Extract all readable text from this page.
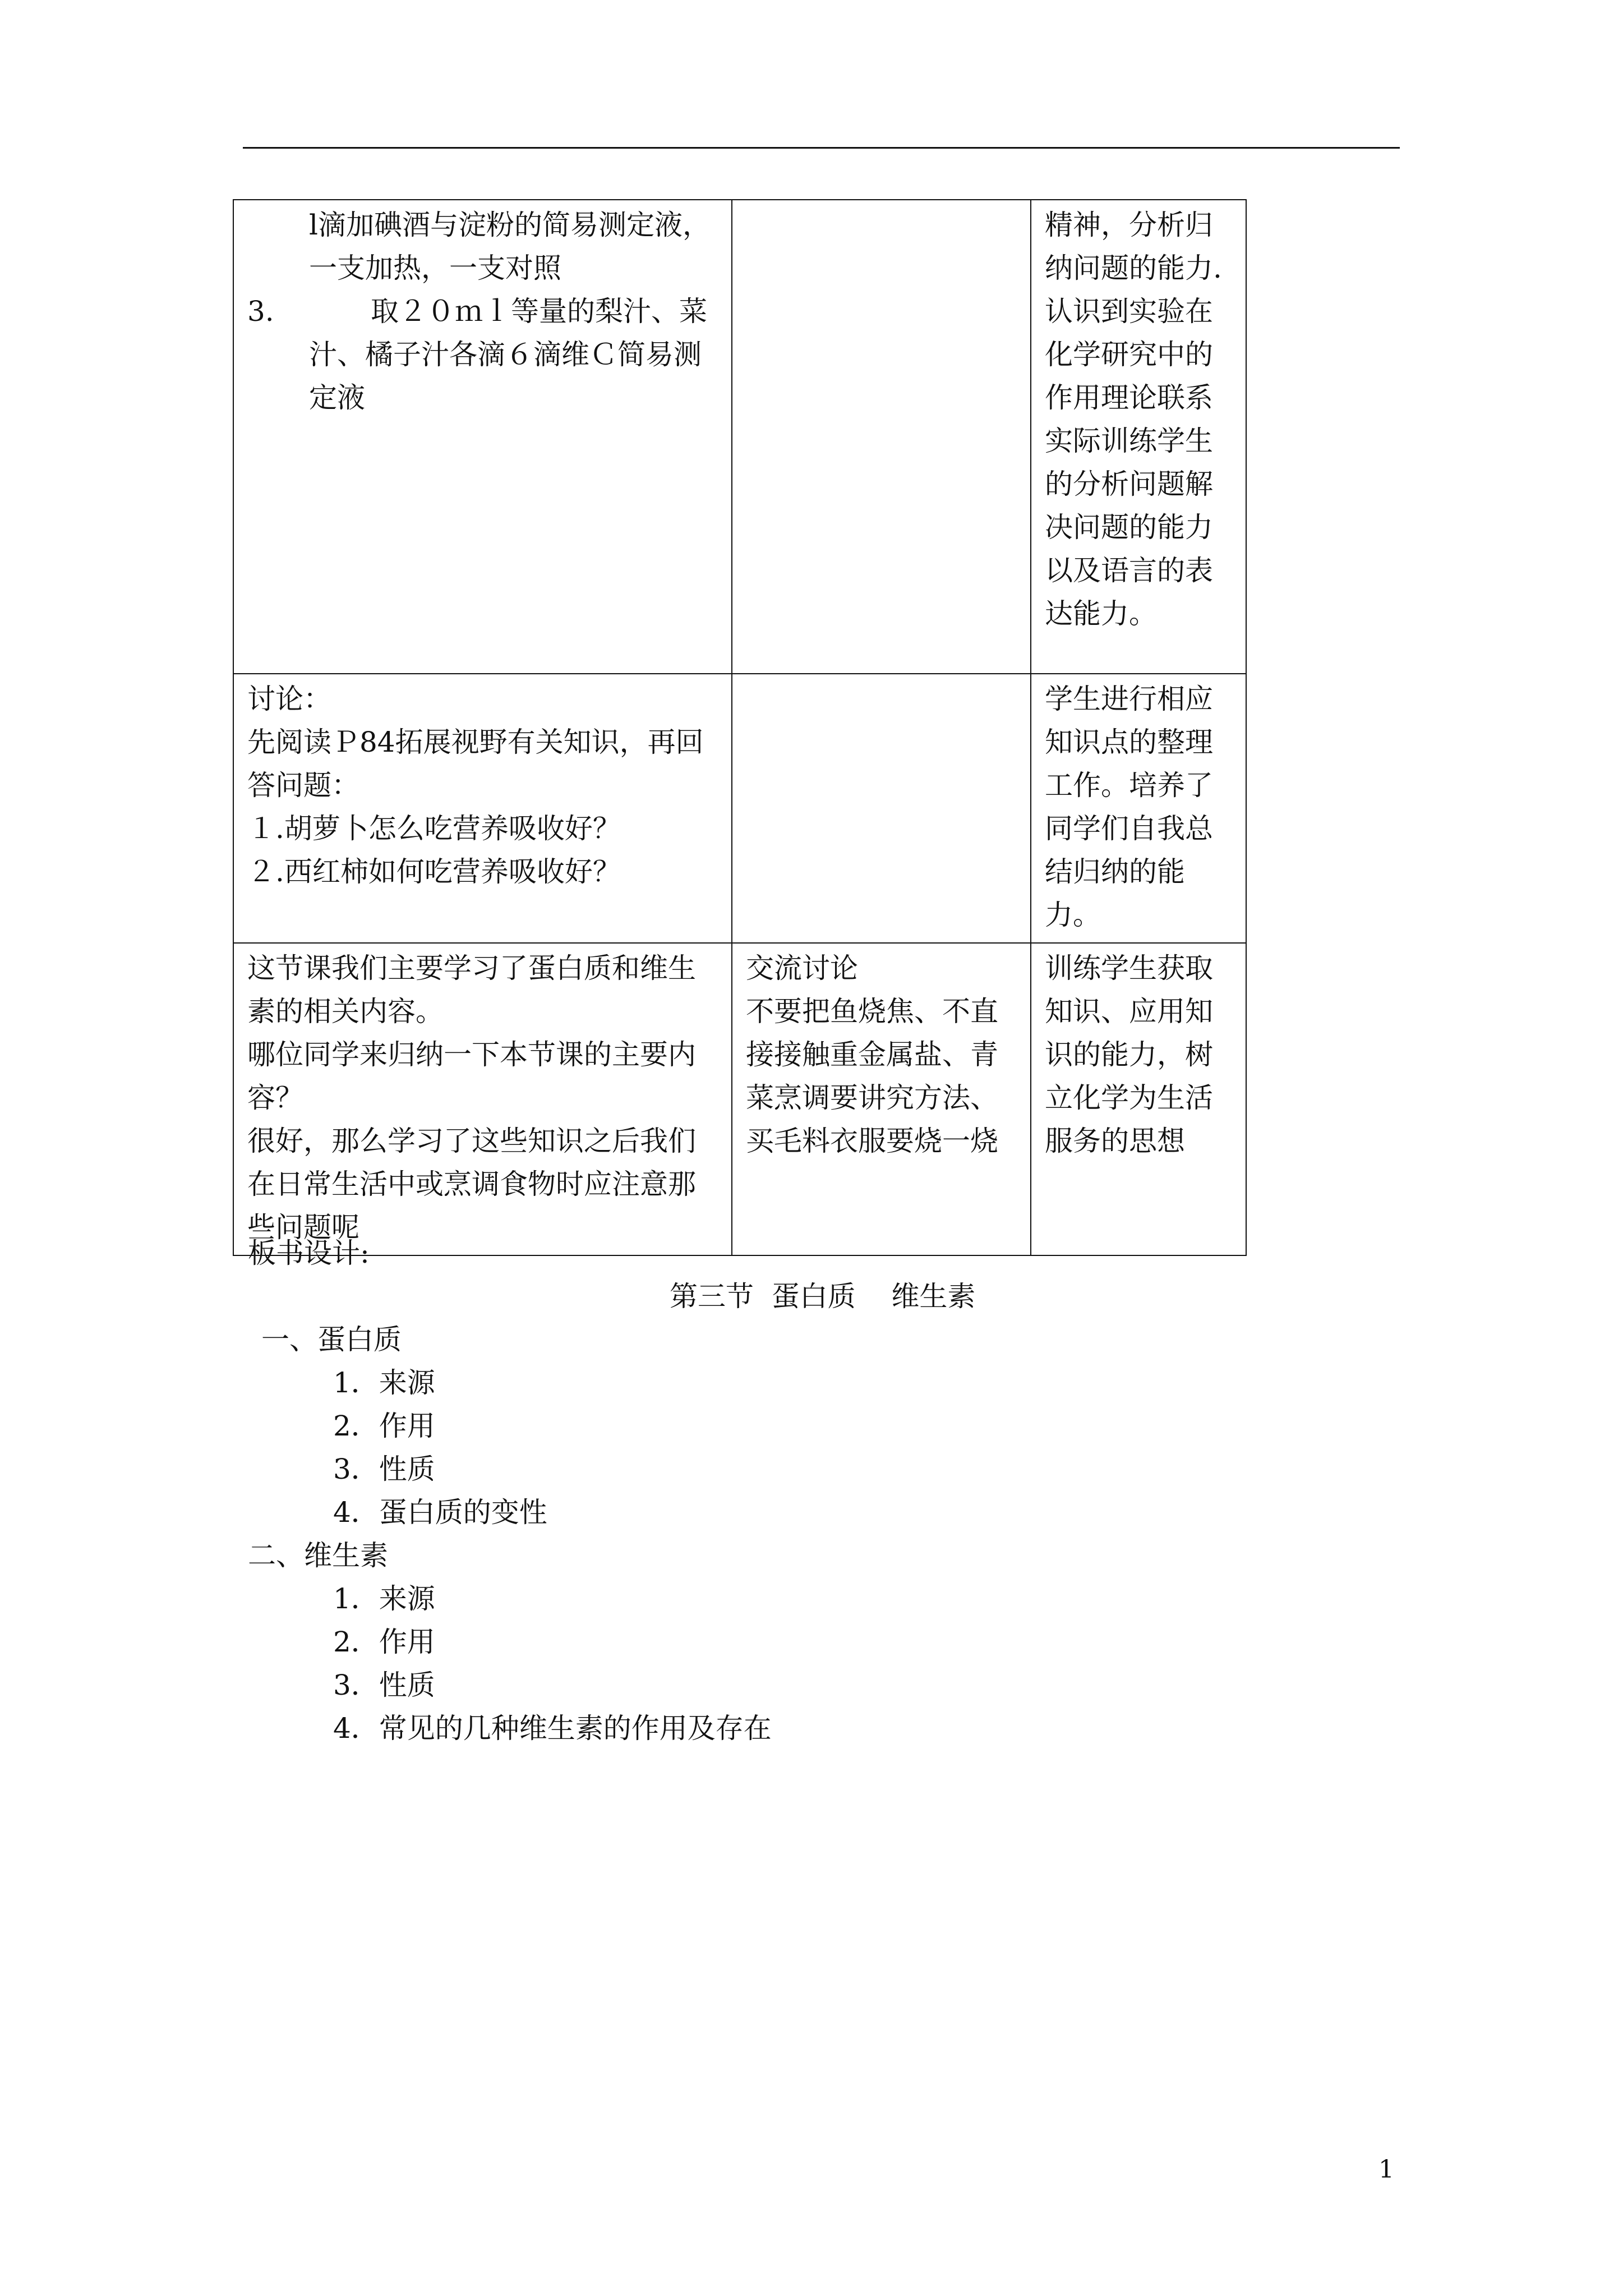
l滴加碘酒与淀粉的简易测定液，
一支加热，一支对照
3. 取２０ｍｌ等量的梨汁、菜汁、橘子汁各滴６滴维Ｃ简易测定液		精神，分析归纳问题的能力.认识到实验在化学研究中的作用理论联系实际训练学生的分析问题解决问题的能力以及语言的表达能力。

讨论：
先阅读Ｐ84拓展视野有关知识，再回答问题：
１.胡萝卜怎么吃营养吸收好？
２.西红柿如何吃营养吸收好？		学生进行相应知识点的整理工作。培养了同学们自我总结归纳的能力。

这节课我们主要学习了蛋白质和维生素的相关内容。
哪位同学来归纳一下本节课的主要内容？
很好，那么学习了这些知识之后我们在日常生活中或烹调食物时应注意那些问题呢	交流讨论
不要把鱼烧焦、不直接接触重金属盐、青菜烹调要讲究方法、买毛料衣服要烧一烧	训练学生获取知识、应用知识的能力，树立化学为生活服务的思想
板书设计:
第三节  蛋白质    维生素
一、蛋白质
1．来源
2．作用
3．性质
4．蛋白质的变性
二、维生素
1．来源
2．作用
3．性质
4．常见的几种维生素的作用及存在
1
